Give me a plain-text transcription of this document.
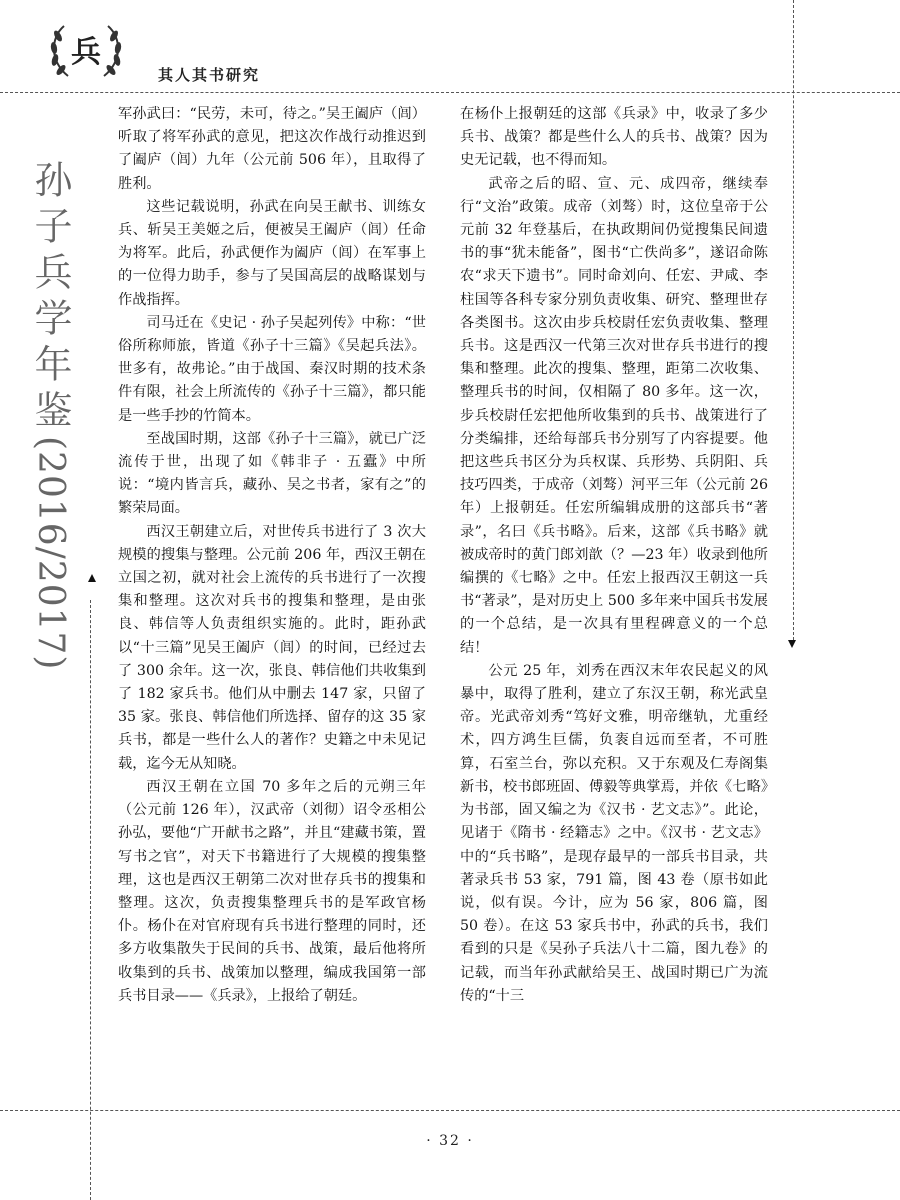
兵
其人其书研究
孙子兵学年鉴(2016/2017)

军孙武曰：“民劳，未可，待之。”吴王阖庐（闾）听取了将军孙武的意见，把这次作战行动推迟到了阖庐（闾）九年（公元前 506 年），且取得了胜利。

这些记载说明，孙武在向吴王献书、训练女兵、斩吴王美姬之后，便被吴王阖庐（闾）任命为将军。此后，孙武便作为阖庐（闾）在军事上的一位得力助手，参与了吴国高层的战略谋划与作战指挥。

司马迁在《史记 · 孙子吴起列传》中称：“世俗所称师旅，皆道《孙子十三篇》《吴起兵法》。世多有，故弗论。”由于战国、秦汉时期的技术条件有限，社会上所流传的《孙子十三篇》，都只能是一些手抄的竹简本。

至战国时期，这部《孙子十三篇》，就已广泛流传于世，出现了如《韩非子 · 五蠹》中所说：“境内皆言兵，藏孙、吴之书者，家有之”的繁荣局面。

西汉王朝建立后，对世传兵书进行了 3 次大规模的搜集与整理。公元前 206 年，西汉王朝在立国之初，就对社会上流传的兵书进行了一次搜集和整理。这次对兵书的搜集和整理，是由张良、韩信等人负责组织实施的。此时，距孙武以“十三篇”见吴王阖庐（闾）的时间，已经过去了 300 余年。这一次，张良、韩信他们共收集到了 182 家兵书。他们从中删去 147 家，只留了 35 家。张良、韩信他们所选择、留存的这 35 家兵书，都是一些什么人的著作？史籍之中未见记载，迄今无从知晓。

西汉王朝在立国 70 多年之后的元朔三年（公元前 126 年），汉武帝（刘彻）诏令丞相公孙弘，要他“广开献书之路”，并且“建藏书策，置写书之官”，对天下书籍进行了大规模的搜集整理，这也是西汉王朝第二次对世存兵书的搜集和整理。这次，负责搜集整理兵书的是军政官杨仆。杨仆在对官府现有兵书进行整理的同时，还多方收集散失于民间的兵书、战策，最后他将所收集到的兵书、战策加以整理，编成我国第一部兵书目录——《兵录》，上报给了朝廷。

在杨仆上报朝廷的这部《兵录》中，收录了多少兵书、战策？都是些什么人的兵书、战策？因为史无记载，也不得而知。

武帝之后的昭、宣、元、成四帝，继续奉行“文治”政策。成帝（刘骜）时，这位皇帝于公元前 32 年登基后，在执政期间仍觉搜集民间遗书的事“犹未能备”，图书“亡佚尚多”，遂诏命陈农“求天下遗书”。同时命刘向、任宏、尹咸、李柱国等各科专家分别负责收集、研究、整理世存各类图书。这次由步兵校尉任宏负责收集、整理兵书。这是西汉一代第三次对世存兵书进行的搜集和整理。此次的搜集、整理，距第二次收集、整理兵书的时间，仅相隔了 80 多年。这一次，步兵校尉任宏把他所收集到的兵书、战策进行了分类编排，还给每部兵书分别写了内容提要。他把这些兵书区分为兵权谋、兵形势、兵阴阳、兵技巧四类，于成帝（刘骜）河平三年（公元前 26 年）上报朝廷。任宏所编辑成册的这部兵书“著录”，名曰《兵书略》。后来，这部《兵书略》就被成帝时的黄门郎刘歆（？—23 年）收录到他所编撰的《七略》之中。任宏上报西汉王朝这一兵书“著录”，是对历史上 500 多年来中国兵书发展的一个总结，是一次具有里程碑意义的一个总结！

公元 25 年，刘秀在西汉末年农民起义的风暴中，取得了胜利，建立了东汉王朝，称光武皇帝。光武帝刘秀“笃好文雅，明帝继轨，尤重经术，四方鸿生巨儒，负袠自远而至者，不可胜算，石室兰台，弥以充积。又于东观及仁寿阁集新书，校书郎班固、傅毅等典掌焉，并依《七略》为书部，固又编之为《汉书 · 艺文志》”。此论，见诸于《隋书 · 经籍志》之中。《汉书 · 艺文志》中的“兵书略”，是现存最早的一部兵书目录，共著录兵书 53 家，791 篇，图 43 卷（原书如此说，似有误。今计，应为 56 家，806 篇，图 50 卷）。在这 53 家兵书中，孙武的兵书，我们看到的只是《吴孙子兵法八十二篇，图九卷》的记载，而当年孙武献给吴王、战国时期已广为流传的“十三

· 32 ·
